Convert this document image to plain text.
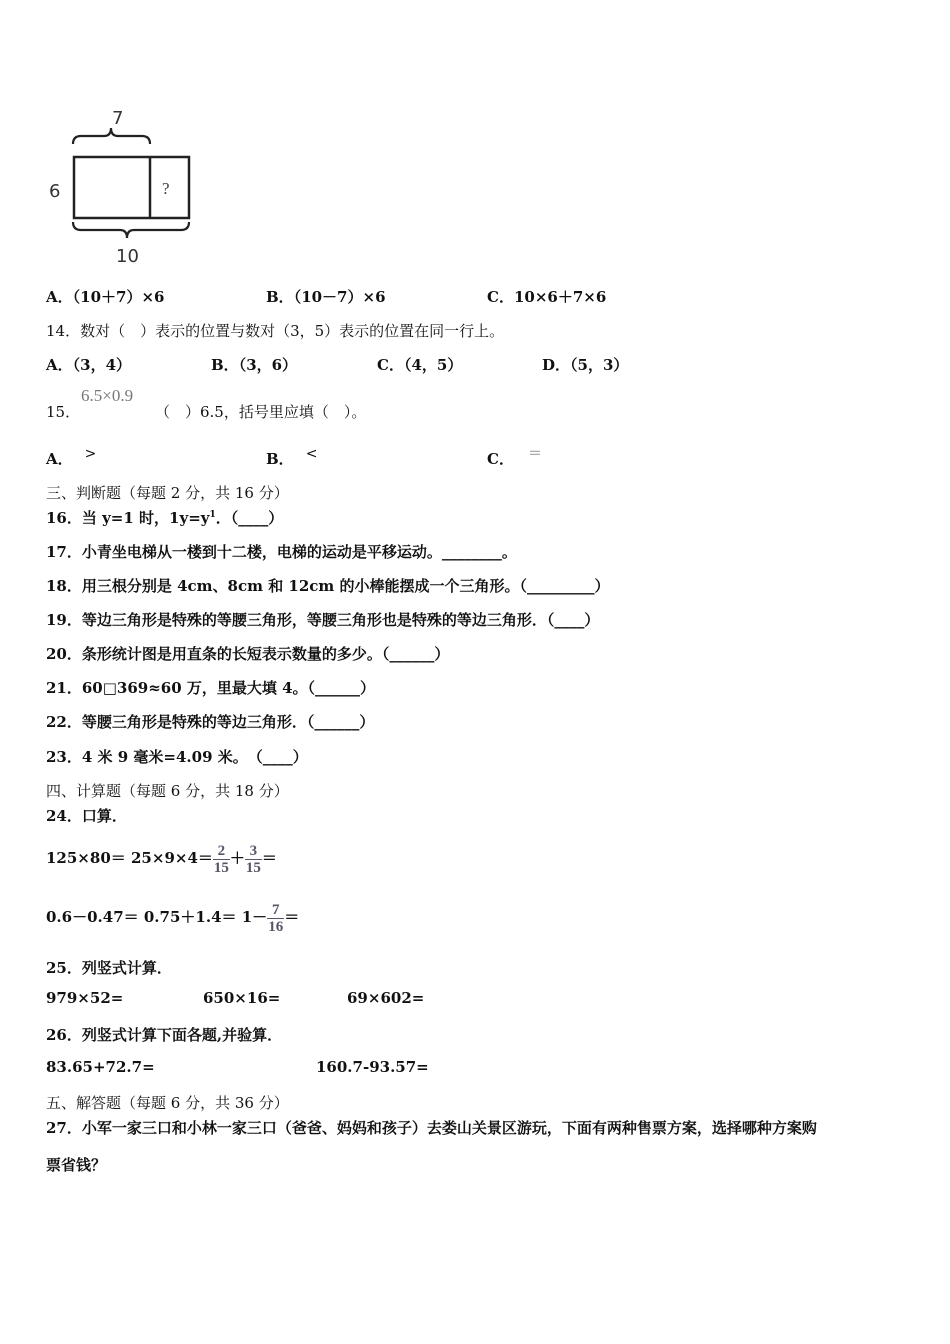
7
?
6
10
A．（10＋7）×6	B．（10－7）×6	C．10×6＋7×6
14．数对（　）表示的位置与数对（3，5）表示的位置在同一行上。
A．（3，4）	B．（3，6）	C．（4，5）	D．（5，3）
15．
6.5×0.9
（　）6.5，括号里应填（　）。
A． >	B． <	C． ＝
三、判断题（每题 2 分，共 16 分）
16．当 y=1 时，$1y=y^1$．（____）
17．小青坐电梯从一楼到十二楼，电梯的运动是平移运动。________。
18．用三根分别是 4cm、8cm 和 12cm 的小棒能摆成一个三角形。（_________）
19．等边三角形是特殊的等腰三角形，等腰三角形也是特殊的等边三角形．（____）
20．条形统计图是用直条的长短表示数量的多少。（______）
21．60□369≈60 万，里最大填 4。（______）
22．等腰三角形是特殊的等边三角形．（______）
23．4 米 9 毫米=4.09 米。　（____）
四、计算题（每题 6 分，共 18 分）
24．口算．
$125\times 80= 25\times 9\times 4= \frac{2}{15} + \frac{3}{15}$ ＝
$0.6-0.47= 0.75+1.4= 1- \frac{7}{16}$ ＝
25．列竖式计算．
979×52=	650×16=	69×602=
26．列竖式计算下面各题,并验算．
83.65+72.7=	160.7-93.57=
五、解答题（每题 6 分，共 36 分）
27．小军一家三口和小林一家三口（爸爸、妈妈和孩子）去娄山关景区游玩，下面有两种售票方案，选择哪种方案购
票省钱？
